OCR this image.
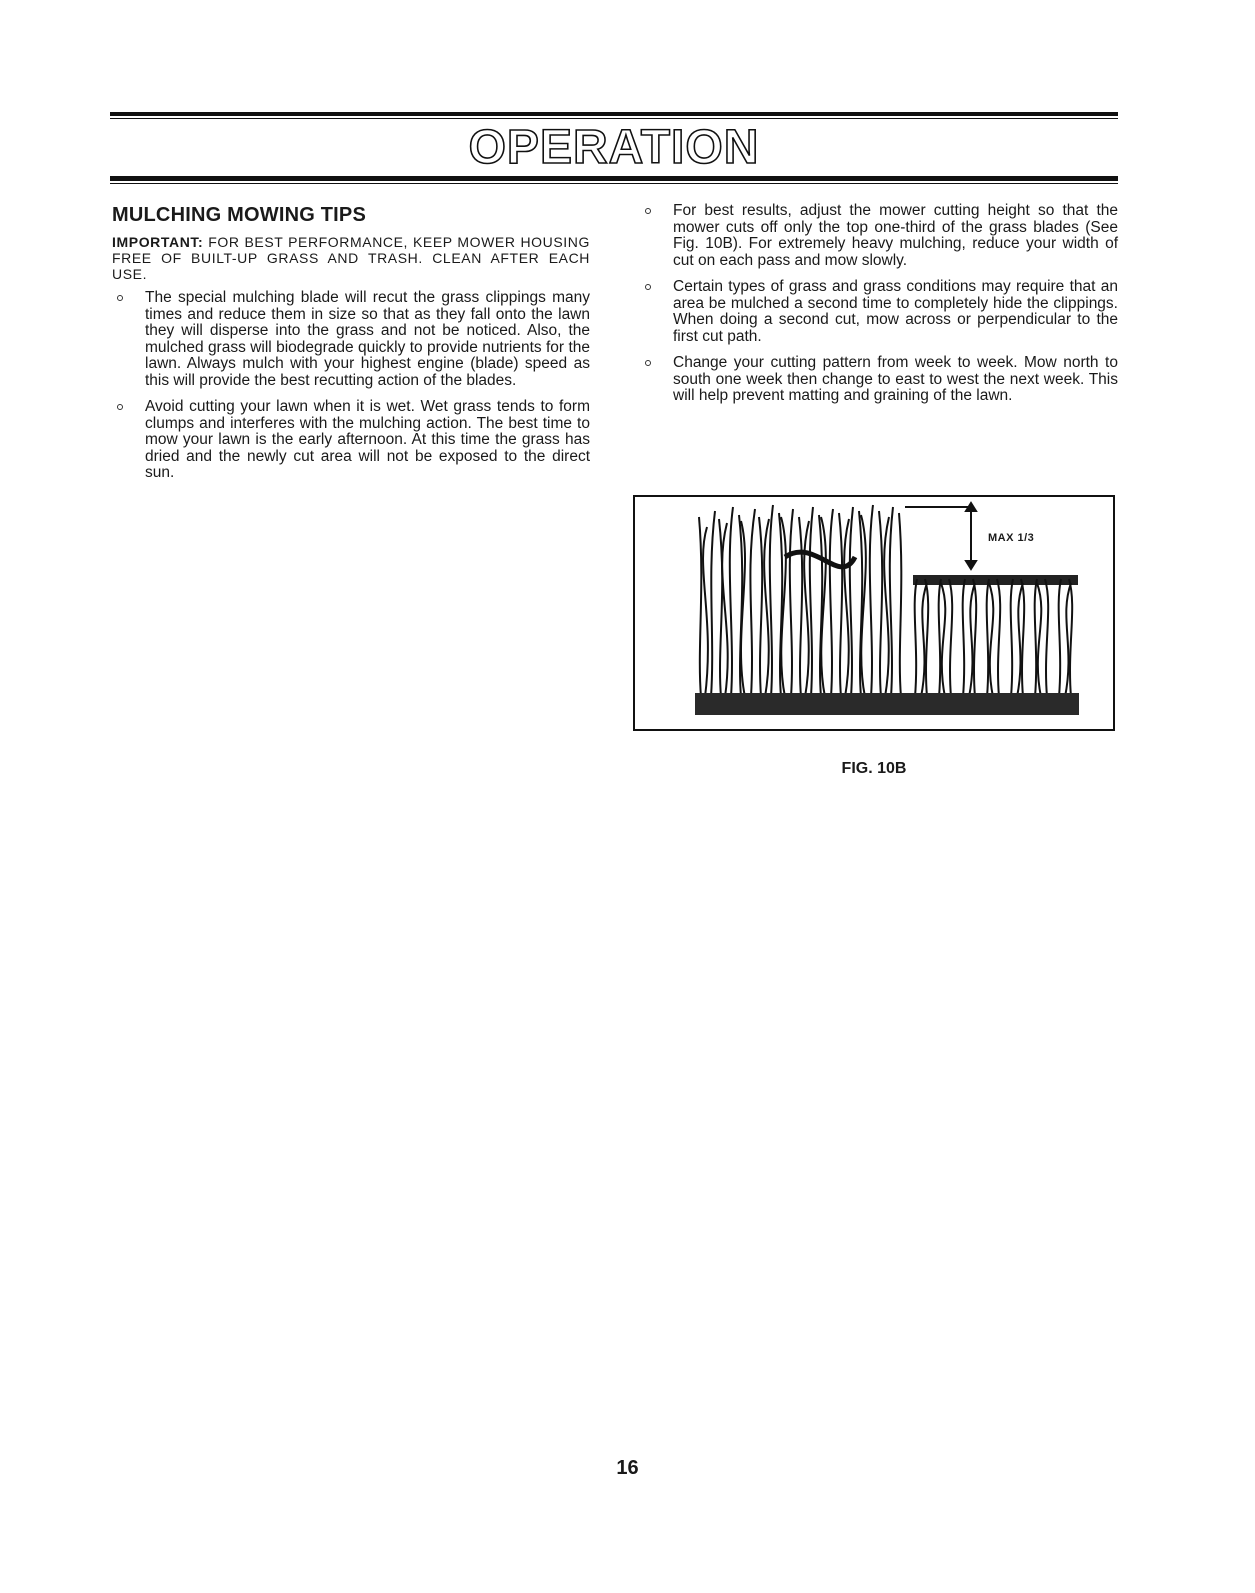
OPERATION
MULCHING MOWING TIPS

IMPORTANT: FOR BEST PERFORMANCE, KEEP MOWER HOUSING FREE OF BUILT-UP GRASS AND TRASH. CLEAN AFTER EACH USE.

The special mulching blade will recut the grass clippings many times and reduce them in size so that as they fall onto the lawn they will disperse into the grass and not be noticed. Also, the mulched grass will biodegrade quickly to provide nutrients for the lawn. Always mulch with your highest engine (blade) speed as this will provide the best recutting action of the blades.
Avoid cutting your lawn when it is wet. Wet grass tends to form clumps and interferes with the mulching action. The best time to mow your lawn is the early afternoon. At this time the grass has dried and the newly cut area will not be exposed to the direct sun.
For best results, adjust the mower cutting height so that the mower cuts off only the top one-third of the grass blades (See Fig. 10B). For extremely heavy mulching, reduce your width of cut on each pass and mow slowly.
Certain types of grass and grass conditions may require that an area be mulched a second time to completely hide the clippings. When doing a second cut, mow across or perpendicular to the first cut path.
Change your cutting pattern from week to week. Mow north to south one week then change to east to west the next week. This will help prevent matting and graining of the lawn.
MAX 1/3

FIG. 10B

16
